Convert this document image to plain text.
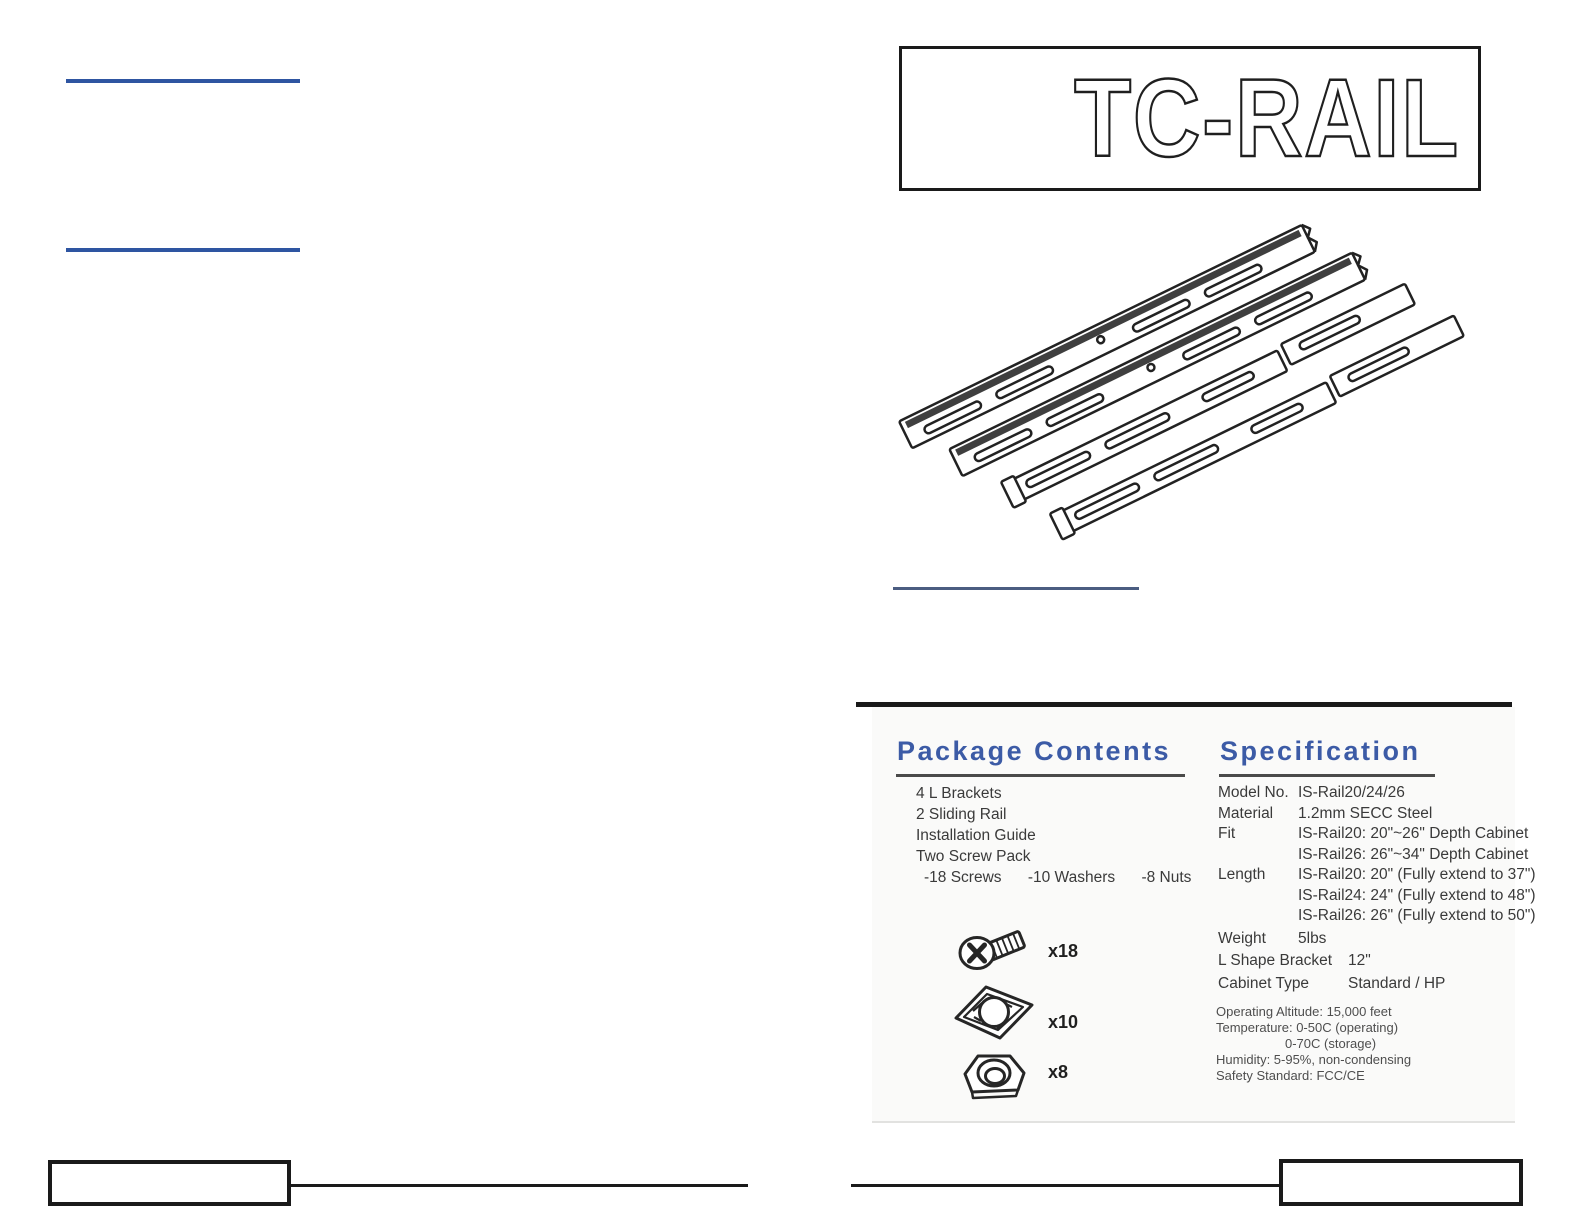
TC-RAIL
Package Contents
4 L Brackets
2 Sliding Rail
Installation Guide
Two Screw Pack
-18 Screws -10 Washers -8 Nuts
x18
x10
x8
Specification
Model No. IS-Rail20/24/26
Material	1.2mm SECC Steel
Fit	IS-Rail20: 20"~26" Depth Cabinet
IS-Rail26: 26"~34" Depth Cabinet
Length	IS-Rail20: 20" (Fully extend to 37")
IS-Rail24: 24" (Fully extend to 48")
IS-Rail26: 26" (Fully extend to 50")
Weight	5lbs
L Shape Bracket	12"
Cabinet Type	Standard / HP
Operating Altitude: 15,000 feet
Temperature: 0-50C (operating)
0-70C (storage)
Humidity: 5-95%, non-condensing
Safety Standard: FCC/CE
